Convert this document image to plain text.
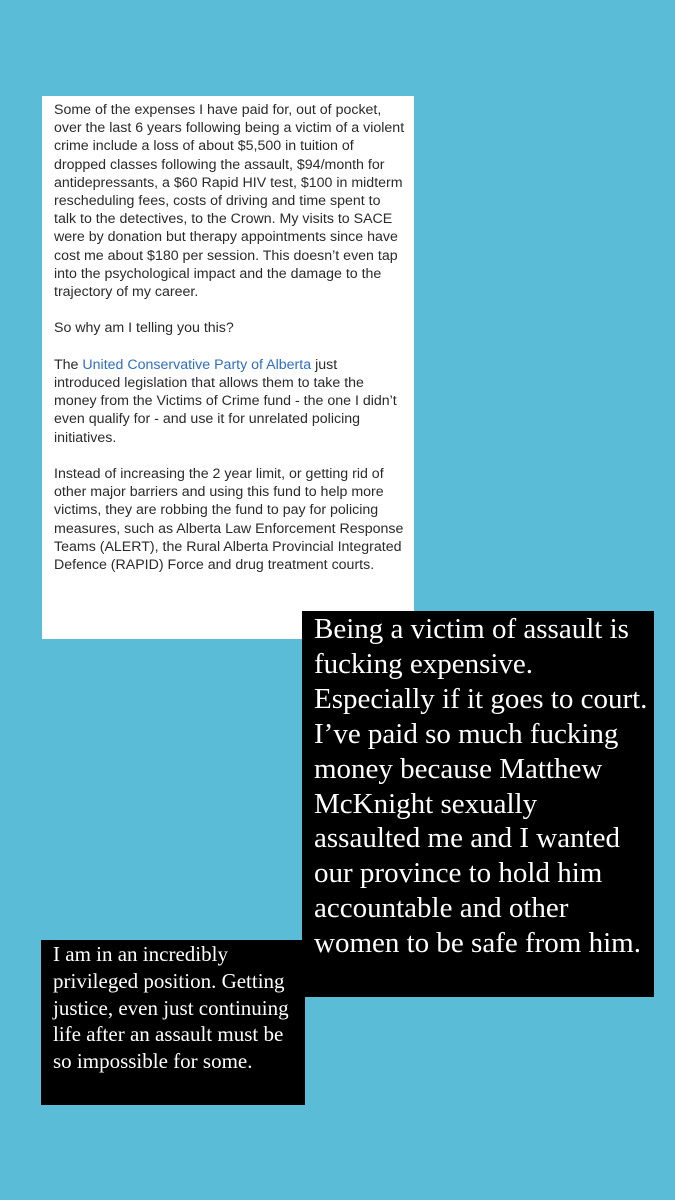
Some of the expenses I have paid for, out of pocket, over the last 6 years following being a victim of a violent crime include a loss of about $5,500 in tuition of dropped classes following the assault, $94/month for antidepressants, a $60 Rapid HIV test, $100 in midterm rescheduling fees, costs of driving and time spent to talk to the detectives, to the Crown. My visits to SACE were by donation but therapy appointments since have cost me about $180 per session. This doesn’t even tap into the psychological impact and the damage to the trajectory of my career.

So why am I telling you this?

The United Conservative Party of Alberta just introduced legislation that allows them to take the money from the Victims of Crime fund - the one I didn’t even qualify for - and use it for unrelated policing initiatives.

Instead of increasing the 2 year limit, or getting rid of other major barriers and using this fund to help more victims, they are robbing the fund to pay for policing measures, such as Alberta Law Enforcement Response Teams (ALERT), the Rural Alberta Provincial Integrated Defence (RAPID) Force and drug treatment courts.

Being a victim of assault is fucking expensive. Especially if it goes to court. I’ve paid so much fucking money because Matthew McKnight sexually assaulted me and I wanted our province to hold him accountable and other women to be safe from him.

I am in an incredibly privileged position. Getting justice, even just continuing life after an assault must be so impossible for some.
